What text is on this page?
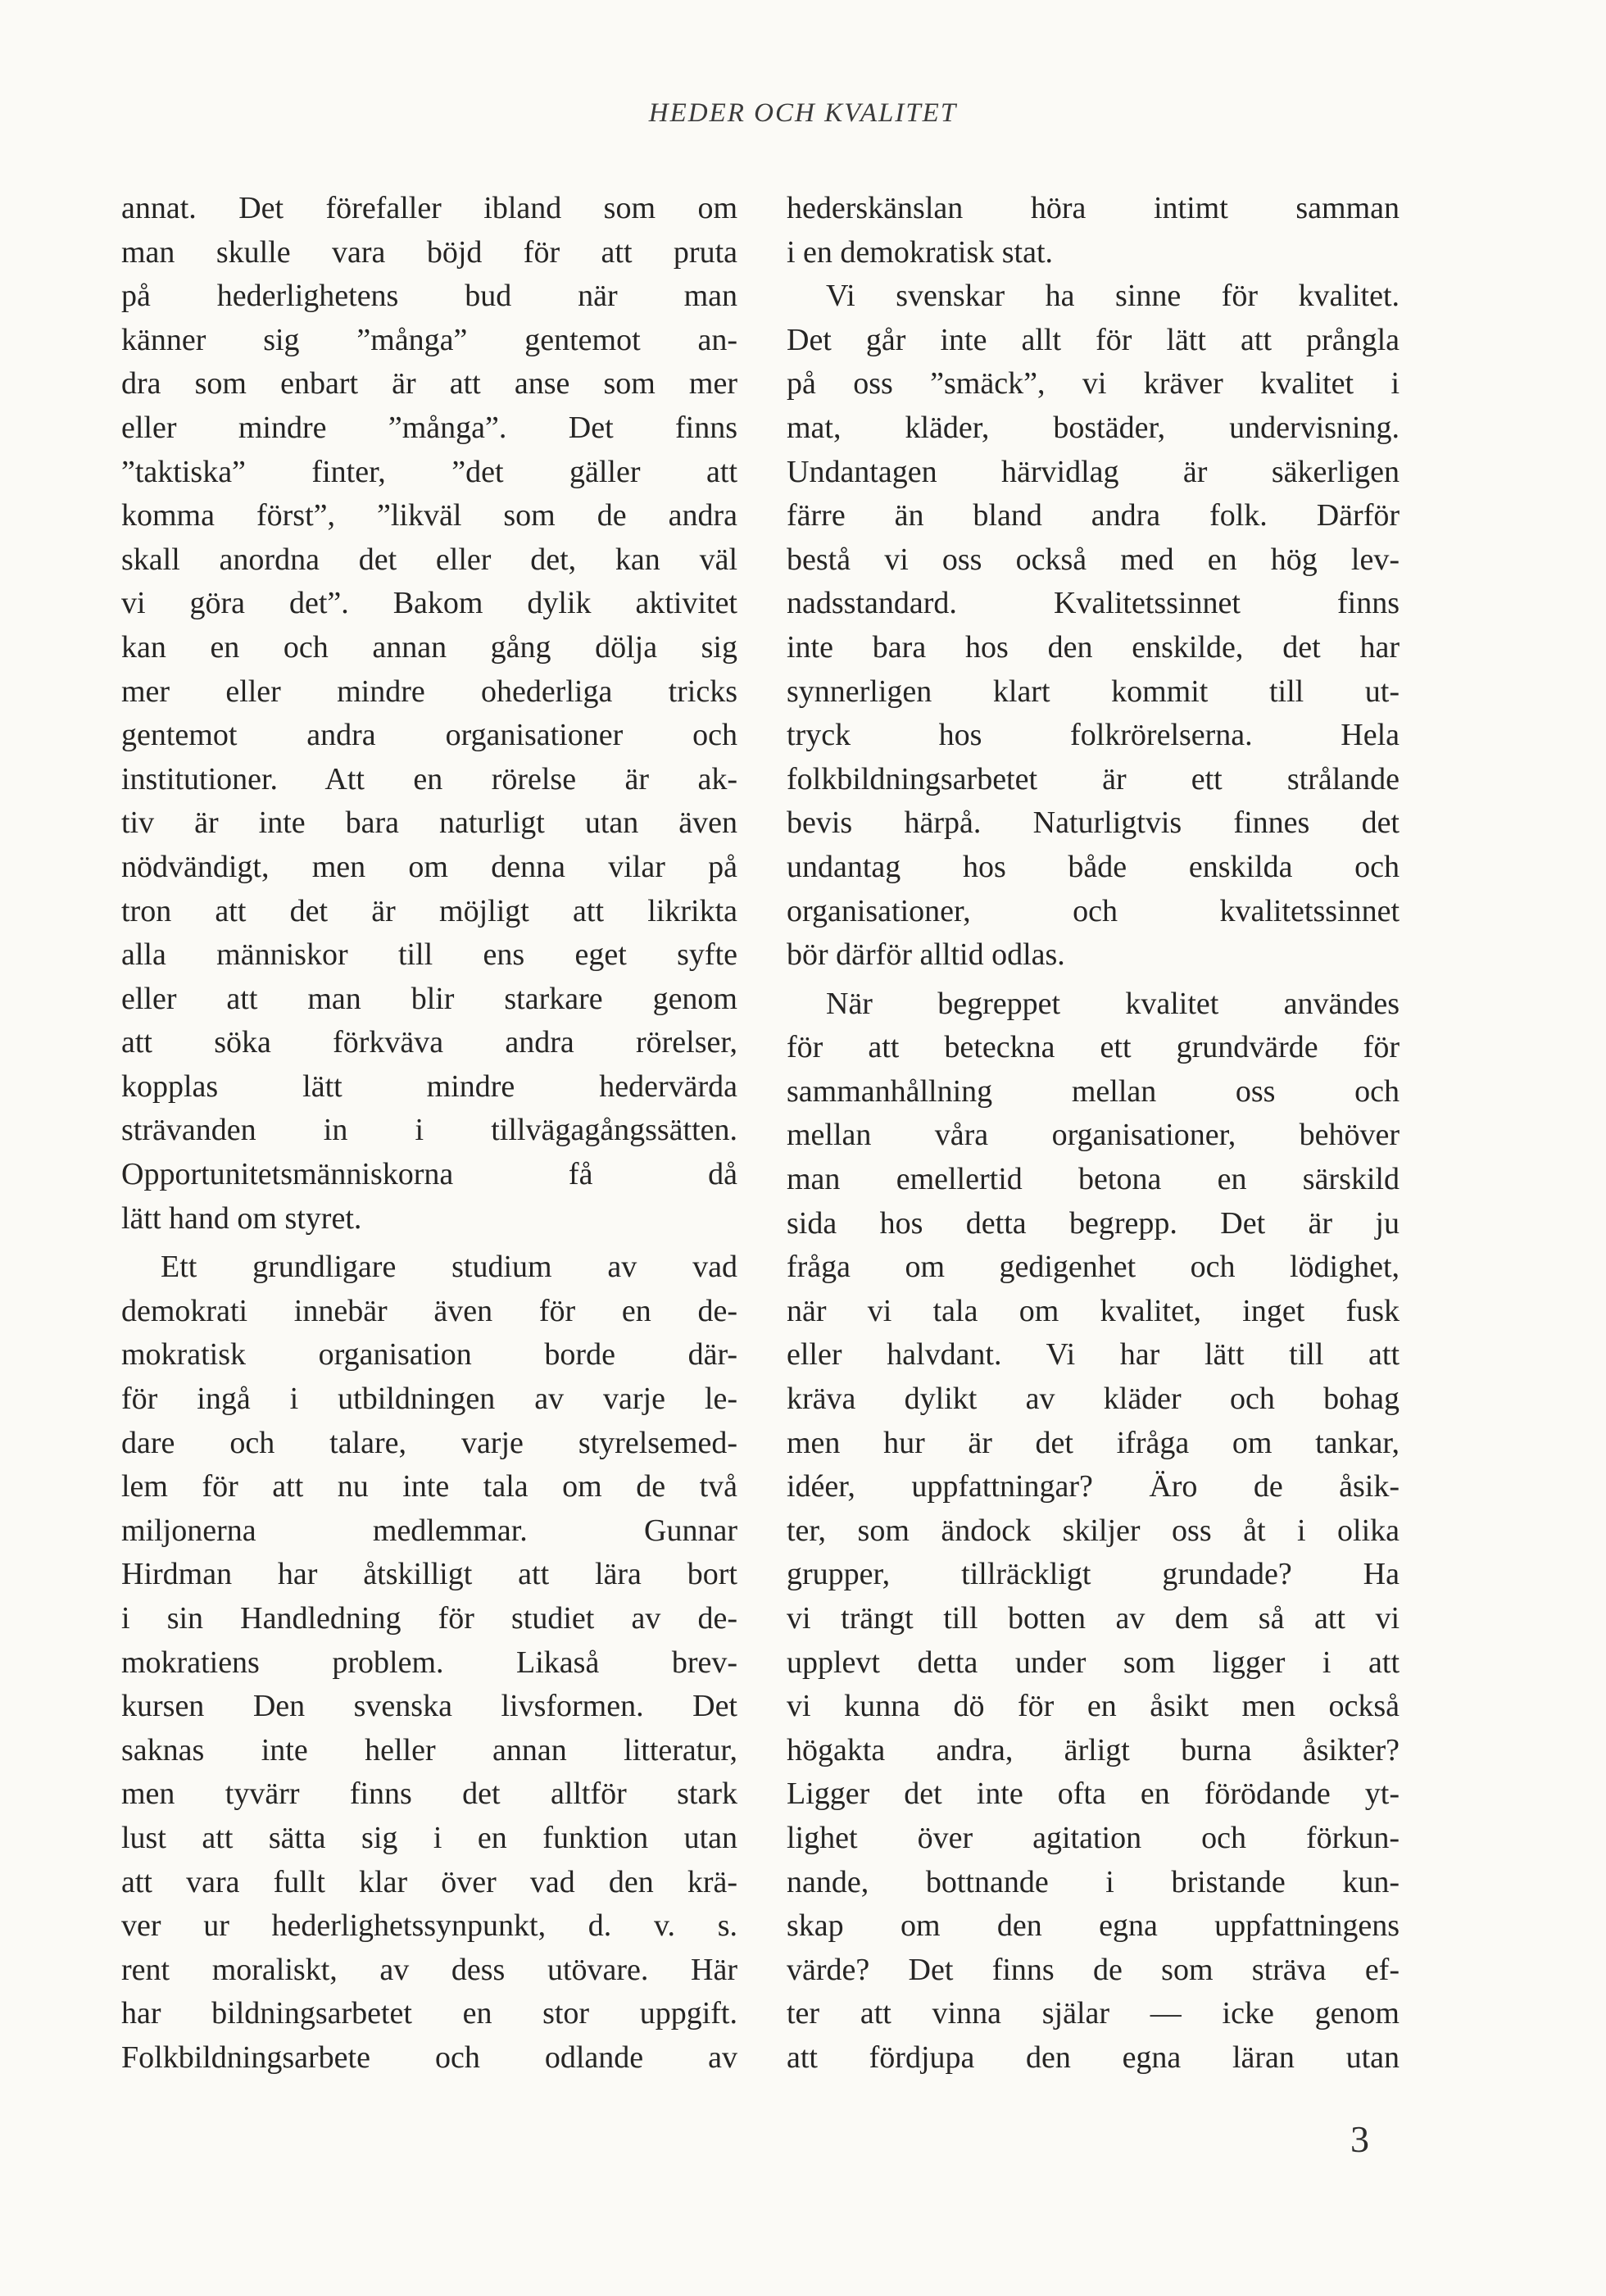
HEDER OCH KVALITET
annat. Det förefaller ibland som om
man skulle vara böjd för att pruta
på hederlighetens bud när man
känner sig ”många” gentemot an-
dra som enbart är att anse som mer
eller mindre ”många”. Det finns
”taktiska” finter, ”det gäller att
komma först”, ”likväl som de andra
skall anordna det eller det, kan väl
vi göra det”. Bakom dylik aktivitet
kan en och annan gång dölja sig
mer eller mindre ohederliga tricks
gentemot andra organisationer och
institutioner. Att en rörelse är ak-
tiv är inte bara naturligt utan även
nödvändigt, men om denna vilar på
tron att det är möjligt att likrikta
alla människor till ens eget syfte
eller att man blir starkare genom
att söka förkväva andra rörelser,
kopplas lätt mindre hedervärda
strävanden in i tillvägagångssätten.
Opportunitetsmänniskorna få då
lätt hand om styret.
Ett grundligare studium av vad
demokrati innebär även för en de-
mokratisk organisation borde där-
för ingå i utbildningen av varje le-
dare och talare, varje styrelsemed-
lem för att nu inte tala om de två
miljonerna medlemmar. Gunnar
Hirdman har åtskilligt att lära bort
i sin Handledning för studiet av de-
mokratiens problem. Likaså brev-
kursen Den svenska livsformen. Det
saknas inte heller annan litteratur,
men tyvärr finns det alltför stark
lust att sätta sig i en funktion utan
att vara fullt klar över vad den krä-
ver ur hederlighetssynpunkt, d. v. s.
rent moraliskt, av dess utövare. Här
har bildningsarbetet en stor uppgift.
Folkbildningsarbete och odlande av
hederskänslan höra intimt samman
i en demokratisk stat.
Vi svenskar ha sinne för kvalitet.
Det går inte allt för lätt att prångla
på oss ”smäck”, vi kräver kvalitet i
mat, kläder, bostäder, undervisning.
Undantagen härvidlag är säkerligen
färre än bland andra folk. Därför
bestå vi oss också med en hög lev-
nadsstandard. Kvalitetssinnet finns
inte bara hos den enskilde, det har
synnerligen klart kommit till ut-
tryck hos folkrörelserna. Hela
folkbildningsarbetet är ett strålande
bevis härpå. Naturligtvis finnes det
undantag hos både enskilda och
organisationer, och kvalitetssinnet
bör därför alltid odlas.
När begreppet kvalitet användes
för att beteckna ett grundvärde för
sammanhållning mellan oss och
mellan våra organisationer, behöver
man emellertid betona en särskild
sida hos detta begrepp. Det är ju
fråga om gedigenhet och lödighet,
när vi tala om kvalitet, inget fusk
eller halvdant. Vi har lätt till att
kräva dylikt av kläder och bohag
men hur är det ifråga om tankar,
idéer, uppfattningar? Äro de åsik-
ter, som ändock skiljer oss åt i olika
grupper, tillräckligt grundade? Ha
vi trängt till botten av dem så att vi
upplevt detta under som ligger i att
vi kunna dö för en åsikt men också
högakta andra, ärligt burna åsikter?
Ligger det inte ofta en förödande yt-
lighet över agitation och förkun-
nande, bottnande i bristande kun-
skap om den egna uppfattningens
värde? Det finns de som sträva ef-
ter att vinna själar — icke genom
att fördjupa den egna läran utan
3
